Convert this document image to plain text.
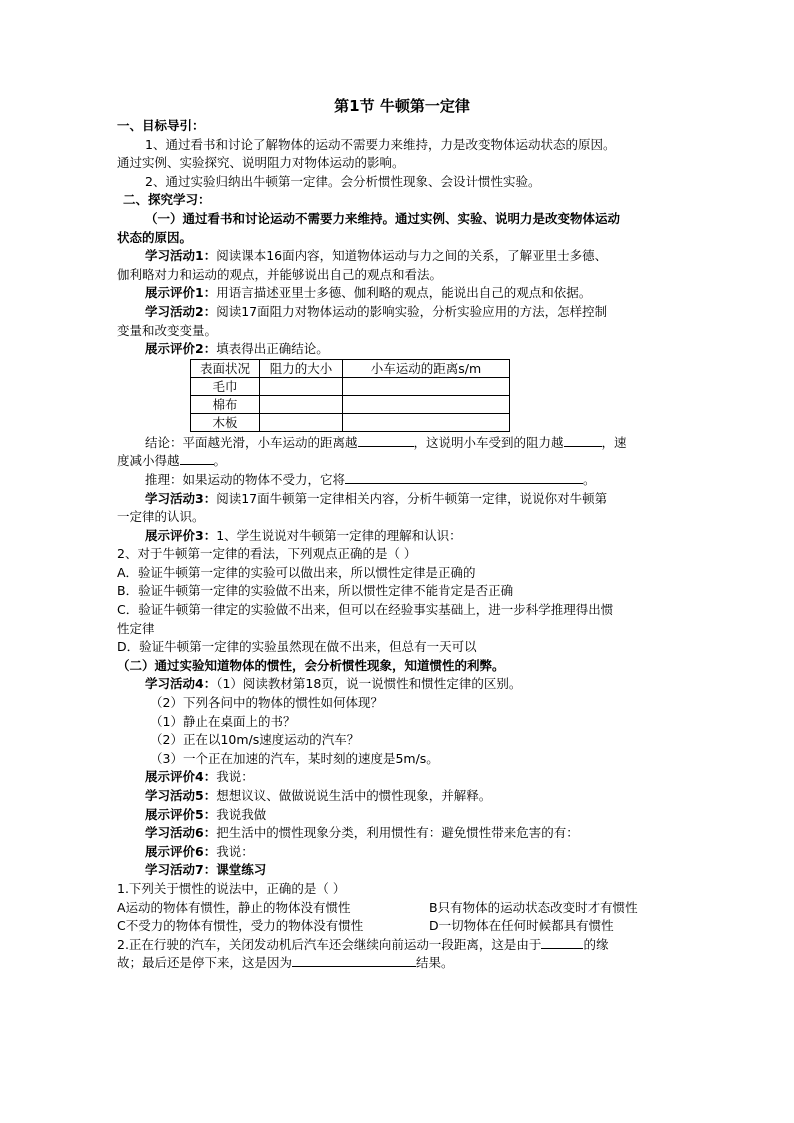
第1节 牛顿第一定律

一、目标导引：

1、通过看书和讨论了解物体的运动不需要力来维持，力是改变物体运动状态的原因。

通过实例、实验探究、说明阻力对物体运动的影响。

2、通过实验归纳出牛顿第一定律。会分析惯性现象、会设计惯性实验。

二、探究学习：

（一）通过看书和讨论运动不需要力来维持。通过实例、实验、说明力是改变物体运动

状态的原因。

学习活动1：阅读课本16面内容，知道物体运动与力之间的关系，了解亚里士多德、

伽利略对力和运动的观点，并能够说出自己的观点和看法。

展示评价1：用语言描述亚里士多德、伽利略的观点，能说出自己的观点和依据。

学习活动2：阅读17面阻力对物体运动的影响实验，分析实验应用的方法，怎样控制

变量和改变变量。

展示评价2：填表得出正确结论。

表面状况	阻力的大小	小车运动的距离s/m
毛巾		
棉布		
木板		

结论：平面越光滑，小车运动的距离越	，这说明小车受到的阻力越	，速

度减小得越	。

推理：如果运动的物体不受力，它将	。

学习活动3：阅读17面牛顿第一定律相关内容，分析牛顿第一定律，说说你对牛顿第

一定律的认识。

展示评价3：1、学生说说对牛顿第一定律的理解和认识：

2、对于牛顿第一定律的看法，下列观点正确的是（ ）

A．验证牛顿第一定律的实验可以做出来，所以惯性定律是正确的

B．验证牛顿第一定律的实验做不出来，所以惯性定律不能肯定是否正确

C．验证牛顿第一律定的实验做不出来，但可以在经验事实基础上，进一步科学推理得出惯

性定律

D．验证牛顿第一定律的实验虽然现在做不出来，但总有一天可以

（二）通过实验知道物体的惯性，会分析惯性现象，知道惯性的利弊。

学习活动4：（1）阅读教材第18页，说一说惯性和惯性定律的区别。

（2）下列各问中的物体的惯性如何体现？

（1）静止在桌面上的书？

（2）正在以10m/s速度运动的汽车？

（3）一个正在加速的汽车，某时刻的速度是5m/s。

展示评价4：我说：

学习活动5：想想议议、做做说说生活中的惯性现象，并解释。

展示评价5：我说我做

学习活动6：把生活中的惯性现象分类，利用惯性有：避免惯性带来危害的有：

展示评价6：我说：

学习活动7：课堂练习

1.下列关于惯性的说法中，正确的是（ ）

A运动的物体有惯性，静止的物体没有惯性	B只有物体的运动状态改变时才有惯性

C不受力的物体有惯性，受力的物体没有惯性	D一切物体在任何时候都具有惯性

2.正在行驶的汽车，关闭发动机后汽车还会继续向前运动一段距离，这是由于	的缘

故；最后还是停下来，这是因为	结果。
